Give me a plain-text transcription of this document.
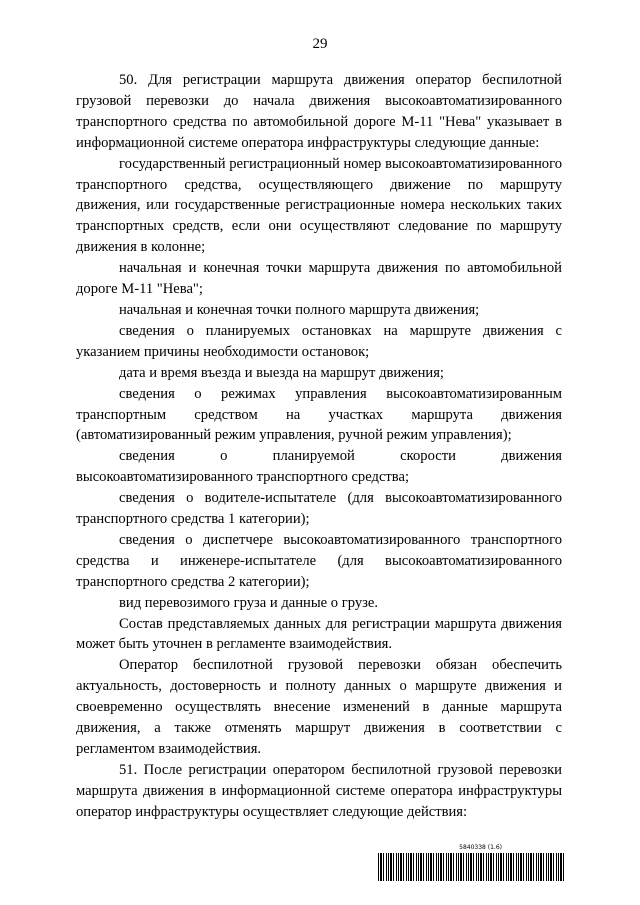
29

50. Для регистрации маршрута движения оператор беспилотной грузовой перевозки до начала движения высокоавтоматизированного транспортного средства по автомобильной дороге М-11 "Нева" указывает в информационной системе оператора инфраструктуры следующие данные:

государственный регистрационный номер высокоавтоматизированного транспортного средства, осуществляющего движение по маршруту движения, или государственные регистрационные номера нескольких таких транспортных средств, если они осуществляют следование по маршруту движения в колонне;

начальная и конечная точки маршрута движения по автомобильной дороге М-11 "Нева";

начальная и конечная точки полного маршрута движения;

сведения о планируемых остановках на маршруте движения с указанием причины необходимости остановок;

дата и время въезда и выезда на маршрут движения;

сведения о режимах управления высокоавтоматизированным транспортным средством на участках маршрута движения (автоматизированный режим управления, ручной режим управления);

сведения о планируемой скорости движения высокоавтоматизированного транспортного средства;

сведения о водителе-испытателе (для высокоавтоматизированного транспортного средства 1 категории);

сведения о диспетчере высокоавтоматизированного транспортного средства и инженере-испытателе (для высокоавтоматизированного транспортного средства 2 категории);

вид перевозимого груза и данные о грузе.

Состав представляемых данных для регистрации маршрута движения может быть уточнен в регламенте взаимодействия.

Оператор беспилотной грузовой перевозки обязан обеспечить актуальность, достоверность и полноту данных о маршруте движения и своевременно осуществлять внесение изменений в данные маршрута движения, а также отменять маршрут движения в соответствии с регламентом взаимодействия.

51. После регистрации оператором беспилотной грузовой перевозки маршрута движения в информационной системе оператора инфраструктуры оператор инфраструктуры осуществляет следующие действия:

5840338 (1.6)
